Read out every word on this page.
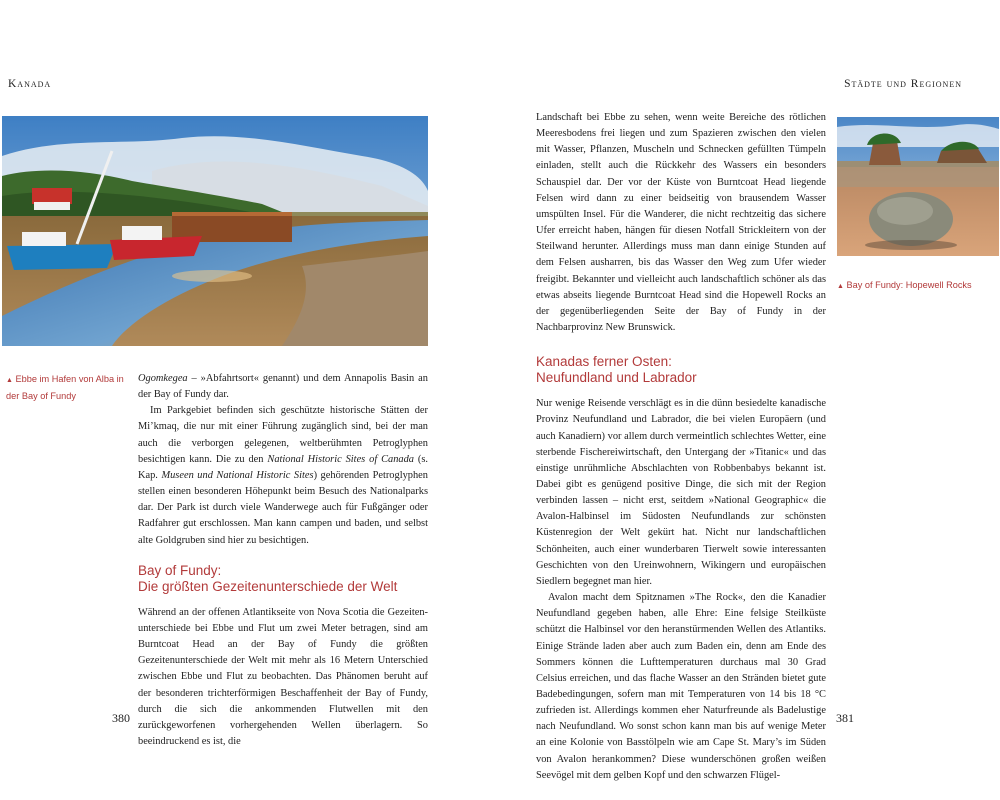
Kanada	Städte und Regionen
▲ Ebbe im Hafen von Alba in der Bay of Fundy

Ogomkegea – »Abfahrtsort« genannt) und dem Annapolis Basin an der Bay of Fundy dar.

Im Parkgebiet befinden sich geschützte historische Stätten der Mi’kmaq, die nur mit einer Führung zugänglich sind, bei der man auch die verborgen gelegenen, weltberühmten Petroglyphen besichtigen kann. Die zu den National Historic Sites of Canada (s. Kap. Museen und National Historic Sites) gehörenden Petroglyphen stellen einen besonderen Höhepunkt beim Besuch des Nationalparks dar. Der Park ist durch viele Wanderwege auch für Fußgänger oder Radfahrer gut erschlossen. Man kann campen und baden, und selbst alte Goldgruben sind hier zu besichtigen.

Bay of Fundy:
Die größten Gezeitenunterschiede der Welt

Während an der offenen Atlantikseite von Nova Scotia die Gezeiten-unterschiede bei Ebbe und Flut um zwei Meter betragen, sind am Burntcoat Head an der Bay of Fundy die größten Gezeitenunterschiede der Welt mit mehr als 16 Metern Unterschied zwischen Ebbe und Flut zu beobachten. Das Phänomen beruht auf der besonderen trichterförmigen Beschaffenheit der Bay of Fundy, durch die sich die ankommenden Flutwellen mit den zurückgeworfenen vorhergehenden Wellen überlagern. So beeindruckend es ist, die

Landschaft bei Ebbe zu sehen, wenn weite Bereiche des rötlichen Meeresbodens frei liegen und zum Spazieren zwischen den vielen mit Wasser, Pflanzen, Muscheln und Schnecken gefüllten Tümpeln einladen, stellt auch die Rückkehr des Wassers ein besonders Schauspiel dar. Der vor der Küste von Burntcoat Head liegende Felsen wird dann zu einer beidseitig von brausendem Wasser umspülten Insel. Für die Wanderer, die nicht rechtzeitig das sichere Ufer erreicht haben, hängen für diesen Notfall Strickleitern von der Steilwand herunter. Allerdings muss man dann einige Stunden auf dem Felsen ausharren, bis das Wasser den Weg zum Ufer wieder freigibt. Bekannter und vielleicht auch landschaftlich schöner als das etwas abseits liegende Burntcoat Head sind die Hopewell Rocks an der gegenüberliegenden Seite der Bay of Fundy in der Nachbarprovinz New Brunswick.

Kanadas ferner Osten:
Neufundland und Labrador

Nur wenige Reisende verschlägt es in die dünn besiedelte kanadische Provinz Neufundland und Labrador, die bei vielen Europäern (und auch Kanadiern) vor allem durch vermeintlich schlechtes Wetter, eine sterbende Fischereiwirtschaft, den Untergang der »Titanic« und das einstige unrühmliche Abschlachten von Robbenbabys bekannt ist. Dabei gibt es genügend positive Dinge, die sich mit der Region verbinden lassen – nicht erst, seitdem »National Geographic« die Avalon-Halbinsel im Südosten Neufundlands zur schönsten Küstenregion der Welt gekürt hat. Nicht nur landschaftlichen Schönheiten, auch einer wunderbaren Tierwelt sowie interessanten Geschichten von den Ureinwohnern, Wikingern und europäischen Siedlern begegnet man hier.

Avalon macht dem Spitznamen »The Rock«, den die Kanadier Neufundland gegeben haben, alle Ehre: Eine felsige Steilküste schützt die Halbinsel vor den heranstürmenden Wellen des Atlantiks. Einige Strände laden aber auch zum Baden ein, denn am Ende des Sommers können die Lufttemperaturen durchaus mal 30 Grad Celsius erreichen, und das flache Wasser an den Stränden bietet gute Badebedingungen, sofern man mit Temperaturen von 14 bis 18 °C zufrieden ist. Allerdings kommen eher Naturfreunde als Badelustige nach Neufundland. Wo sonst schon kann man bis auf wenige Meter an eine Kolonie von Basstölpeln wie am Cape St. Mary’s im Süden von Avalon herankommen? Diese wunderschönen großen weißen Seevögel mit dem gelben Kopf und den schwarzen Flügel-

▲ Bay of Fundy: Hopewell Rocks
380	381
